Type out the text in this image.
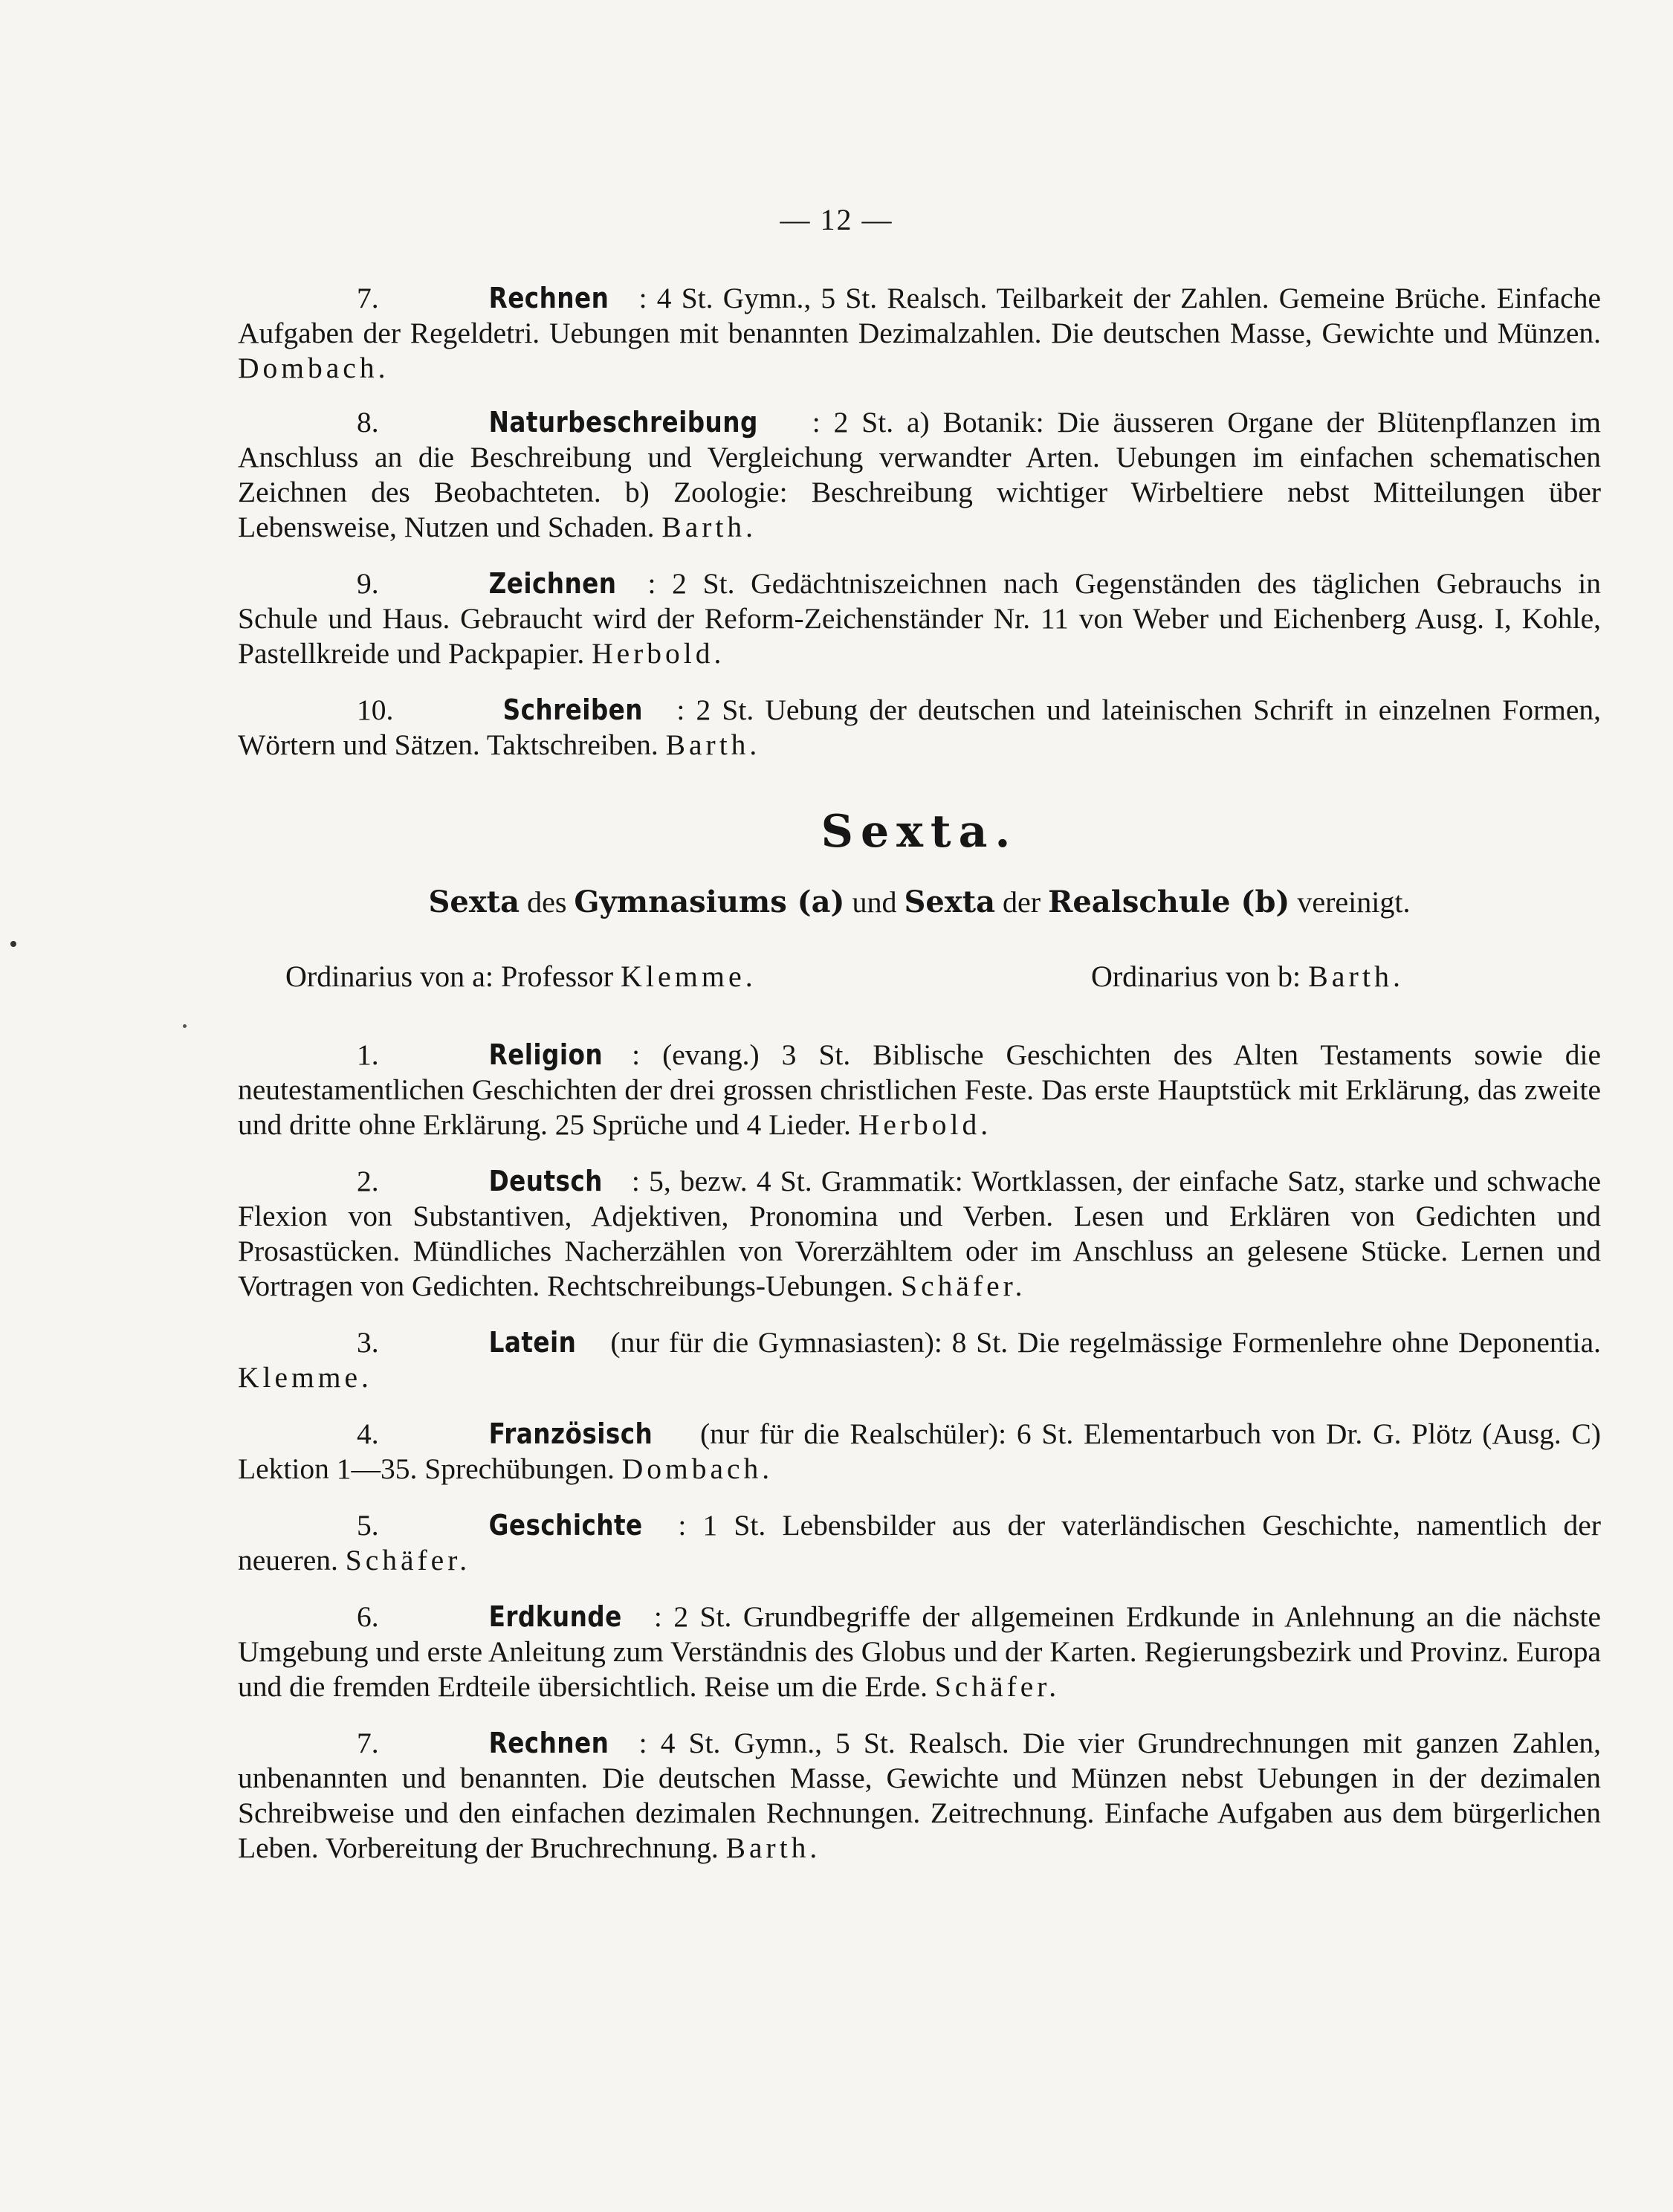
— 12 —

7.	Rechnen : 4 St. Gymn., 5 St. Realsch. Teilbarkeit der Zahlen. Gemeine Brüche. Einfache Aufgaben der Regeldetri. Uebungen mit benannten Dezimalzahlen. Die deutschen Masse, Gewichte und Münzen. Dombach.

8.	Naturbeschreibung : 2 St. a) Botanik: Die äusseren Organe der Blütenpflanzen im Anschluss an die Beschreibung und Vergleichung verwandter Arten. Uebungen im einfachen schematischen Zeichnen des Beobachteten. b) Zoologie: Beschreibung wichtiger Wirbeltiere nebst Mitteilungen über Lebensweise, Nutzen und Schaden. Barth.

9.	Zeichnen : 2 St. Gedächtniszeichnen nach Gegenständen des täglichen Gebrauchs in Schule und Haus. Gebraucht wird der Reform-Zeichenständer Nr. 11 von Weber und Eichenberg Ausg. I, Kohle, Pastellkreide und Packpapier. Herbold.

10.	Schreiben : 2 St. Uebung der deutschen und lateinischen Schrift in einzelnen Formen, Wörtern und Sätzen. Taktschreiben. Barth.

Sexta.
Sexta des Gymnasiums (a) und Sexta der Realschule (b) vereinigt.
Ordinarius von a: Professor Klemme.	Ordinarius von b: Barth.

1.	Religion : (evang.) 3 St. Biblische Geschichten des Alten Testaments sowie die neutestamentlichen Geschichten der drei grossen christlichen Feste. Das erste Hauptstück mit Erklärung, das zweite und dritte ohne Erklärung. 25 Sprüche und 4 Lieder. Herbold.

2.	Deutsch : 5, bezw. 4 St. Grammatik: Wortklassen, der einfache Satz, starke und schwache Flexion von Substantiven, Adjektiven, Pronomina und Verben. Lesen und Erklären von Gedichten und Prosastücken. Mündliches Nacherzählen von Vorerzähltem oder im Anschluss an gelesene Stücke. Lernen und Vortragen von Gedichten. Rechtschreibungs-Uebungen. Schäfer.

3.	Latein (nur für die Gymnasiasten): 8 St. Die regelmässige Formenlehre ohne Deponentia. Klemme.

4.	Französisch (nur für die Realschüler): 6 St. Elementarbuch von Dr. G. Plötz (Ausg. C) Lektion 1—35. Sprechübungen. Dombach.

5.	Geschichte : 1 St. Lebensbilder aus der vaterländischen Geschichte, namentlich der neueren. Schäfer.

6.	Erdkunde : 2 St. Grundbegriffe der allgemeinen Erdkunde in Anlehnung an die nächste Umgebung und erste Anleitung zum Verständnis des Globus und der Karten. Regierungsbezirk und Provinz. Europa und die fremden Erdteile übersichtlich. Reise um die Erde. Schäfer.

7.	Rechnen : 4 St. Gymn., 5 St. Realsch. Die vier Grundrechnungen mit ganzen Zahlen, unbenannten und benannten. Die deutschen Masse, Gewichte und Münzen nebst Uebungen in der dezimalen Schreibweise und den einfachen dezimalen Rechnungen. Zeitrechnung. Einfache Aufgaben aus dem bürgerlichen Leben. Vorbereitung der Bruchrechnung. Barth.
